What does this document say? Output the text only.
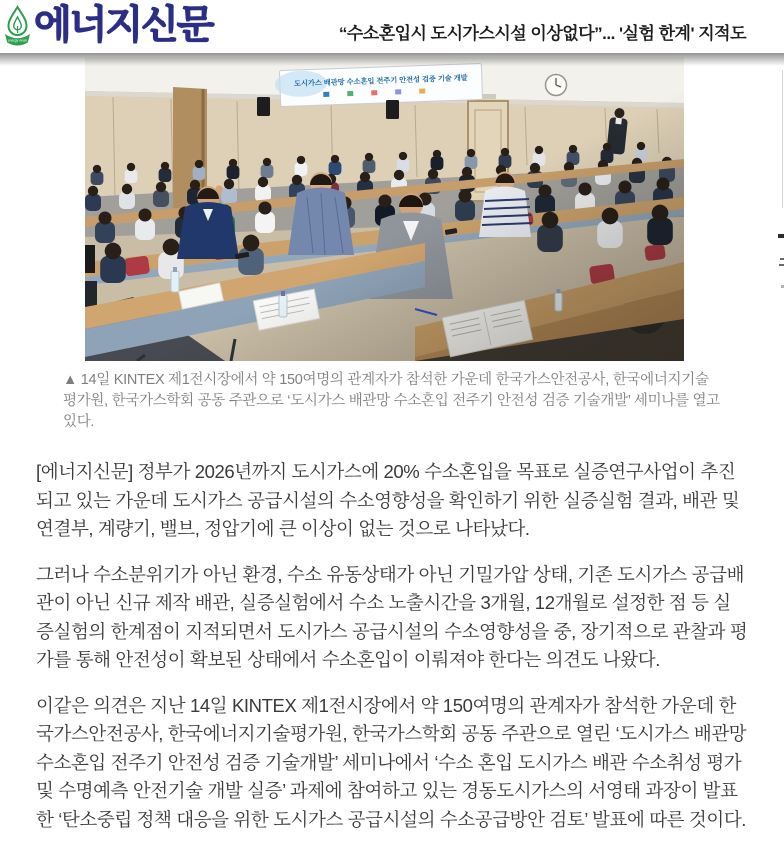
energy news 에너지신문	“수소혼입시 도시가스시설 이상없다”... '실험 한계' 지적도
▲ 14일 KINTEX 제1전시장에서 약 150여명의 관계자가 참석한 가운데 한국가스안전공사, 한국에너지기술평가원, 한국가스학회 공동 주관으로 ‘도시가스 배관망 수소혼입 전주기 안전성 검증 기술개발’ 세미나를 열고 있다.

[에너지신문] 정부가 2026년까지 도시가스에 20% 수소혼입을 목표로 실증연구사업이 추진되고 있는 가운데 도시가스 공급시설의 수소영향성을 확인하기 위한 실증실험 결과, 배관 및 연결부, 계량기, 밸브, 정압기에 큰 이상이 없는 것으로 나타났다.

그러나 수소분위기가 아닌 환경, 수소 유동상태가 아닌 기밀가압 상태, 기존 도시가스 공급배관이 아닌 신규 제작 배관, 실증실험에서 수소 노출시간을 3개월, 12개월로 설정한 점 등 실증실험의 한계점이 지적되면서 도시가스 공급시설의 수소영향성을 중, 장기적으로 관찰과 평가를 통해 안전성이 확보된 상태에서 수소혼입이 이뤄져야 한다는 의견도 나왔다.

이같은 의견은 지난 14일 KINTEX 제1전시장에서 약 150여명의 관계자가 참석한 가운데 한국가스안전공사, 한국에너지기술평가원, 한국가스학회 공동 주관으로 열린 ‘도시가스 배관망 수소혼입 전주기 안전성 검증 기술개발’ 세미나에서 ‘수소 혼입 도시가스 배관 수소취성 평가 및 수명예측 안전기술 개발 실증’ 과제에 참여하고 있는 경동도시가스의 서영태 과장이 발표한 ‘탄소중립 정책 대응을 위한 도시가스 공급시설의 수소공급방안 검토’ 발표에 따른 것이다.
